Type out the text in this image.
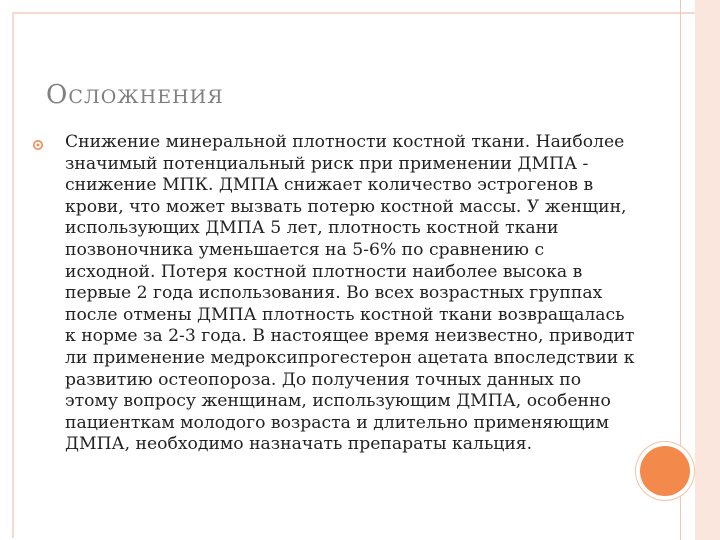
ОСЛОЖНЕНИЯ

Снижение минеральной плотности костной ткани. Наиболее значимый потенциальный риск при применении ДМПА - снижение МПК. ДМПА снижает количество эстрогенов в крови, что может вызвать потерю костной массы. У женщин, использующих ДМПА 5 лет, плотность костной ткани позвоночника уменьшается на 5-6% по сравнению с исходной. Потеря костной плотности наиболее высока в первые 2 года использования. Во всех возрастных группах после отмены ДМПА плотность костной ткани возвращалась к норме за 2-3 года. В настоящее время неизвестно, приводит ли применение медроксипрогестерон ацетата впоследствии к развитию остеопороза. До получения точных данных по этому вопросу женщинам, использующим ДМПА, особенно пациенткам молодого возраста и длительно применяющим ДМПА, необходимо назначать препараты кальция.
